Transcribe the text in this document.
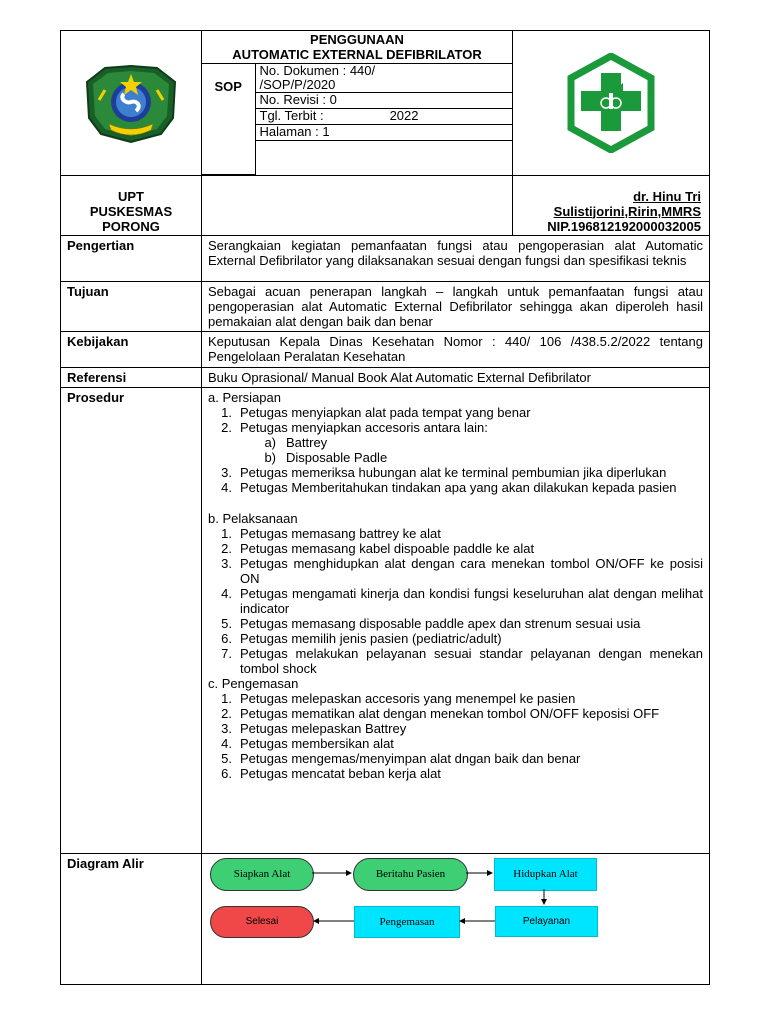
PENGGUNAAN
AUTOMATIC EXTERNAL DEFIBRILATOR
SOP	
No. Dokumen : 440/
/SOP/P/2020

No. Revisi : 0
Tgl. Terbit :	2022
Halaman : 1

UPT
PUSKESMAS
PORONG

dr. Hinu Tri
Sulistijorini,Ririn,MMRS
NIP.196812192000032005

Pengertian	Serangkaian kegiatan pemanfaatan fungsi atau pengoperasian alat Automatic External Defibrilator yang dilaksanakan sesuai dengan fungsi dan spesifikasi teknis
Tujuan	Sebagai acuan penerapan langkah – langkah untuk pemanfaatan fungsi atau pengoperasian alat Automatic External Defibrilator sehingga akan diperoleh hasil pemakaian alat dengan baik dan benar
Kebijakan	Keputusan Kepala Dinas Kesehatan Nomor : 440/ 106 /438.5.2/2022 tentang Pengelolaan Peralatan Kesehatan
Referensi	Buku Oprasional/ Manual Book Alat Automatic External Defibrilator
Prosedur	a. Persiapan
1. Petugas menyiapkan alat pada tempat yang benar
2. Petugas menyiapkan accesoris antara lain:
a) Battrey
b) Disposable Padle
3. Petugas memeriksa hubungan alat ke terminal pembumian jika diperlukan
4. Petugas Memberitahukan tindakan apa yang akan dilakukan kepada pasien
b. Pelaksanaan
1. Petugas memasang battrey ke alat
2. Petugas memasang kabel dispoable paddle ke alat
3. Petugas menghidupkan alat dengan cara menekan tombol ON/OFF ke posisi ON
4. Petugas mengamati kinerja dan kondisi fungsi keseluruhan alat dengan melihat indicator
5. Petugas memasang disposable paddle apex dan strenum sesuai usia
6. Petugas memilih jenis pasien (pediatric/adult)
7. Petugas melakukan pelayanan sesuai standar pelayanan dengan menekan tombol shock
c. Pengemasan
1. Petugas melepaskan accesoris yang menempel ke pasien
2. Petugas mematikan alat dengan menekan tombol ON/OFF keposisi OFF
3. Petugas melepaskan Battrey
4. Petugas membersikan alat
5. Petugas mengemas/menyimpan alat dngan baik dan benar
6. Petugas mencatat beban kerja alat

Diagram Alir	
Siapkan Alat	Beritahu Pasien	Hidupkan Alat
Pelayanan
Pengemasan
Selesai
